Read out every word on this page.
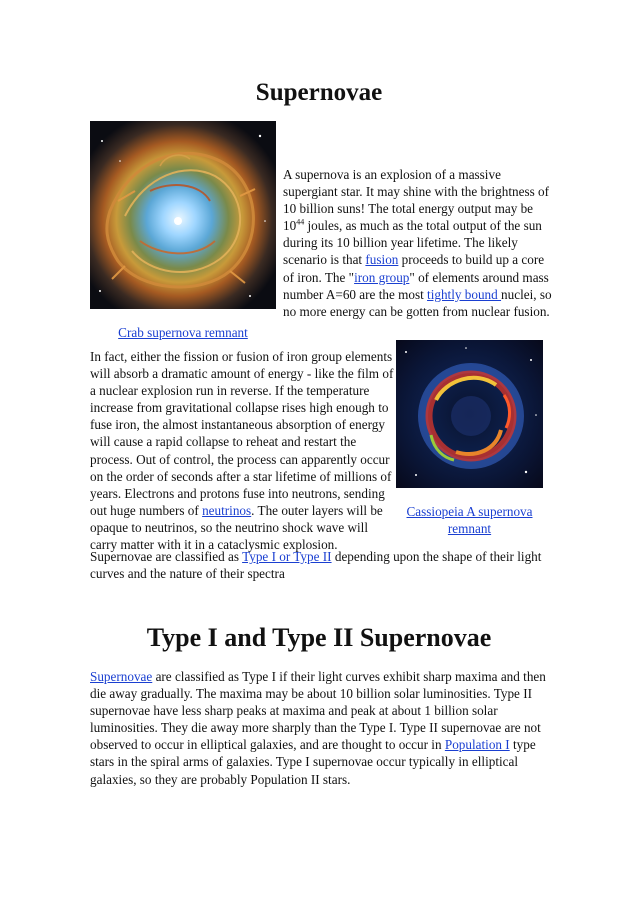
Supernovae

A supernova is an explosion of a massive supergiant star. It may shine with the brightness of 10 billion suns! The total energy output may be $10^{44}$ joules, as much as the total output of the sun during its 10 billion year lifetime. The likely scenario is that fusion proceeds to build up a core of iron. The "iron group" of elements around mass number A=60 are the most tightly bound nuclei, so no more energy can be gotten from nuclear fusion.

Crab supernova remnant

In fact, either the fission or fusion of iron group elements will absorb a dramatic amount of energy - like the film of a nuclear explosion run in reverse. If the temperature increase from gravitational collapse rises high enough to fuse iron, the almost instantaneous absorption of energy will cause a rapid collapse to reheat and restart the process. Out of control, the process can apparently occur on the order of seconds after a star lifetime of millions of years. Electrons and protons fuse into neutrons, sending out huge numbers of neutrinos. The outer layers will be opaque to neutrinos, so the neutrino shock wave will carry matter with it in a cataclysmic explosion.

Cassiopeia A supernova remnant

Supernovae are classified as Type I or Type II depending upon the shape of their light curves and the nature of their spectra

Type I and Type II Supernovae

Supernovae are classified as Type I if their light curves exhibit sharp maxima and then die away gradually. The maxima may be about 10 billion solar luminosities. Type II supernovae have less sharp peaks at maxima and peak at about 1 billion solar luminosities. They die away more sharply than the Type I. Type II supernovae are not observed to occur in elliptical galaxies, and are thought to occur in Population I type stars in the spiral arms of galaxies. Type I supernovae occur typically in elliptical galaxies, so they are probably Population II stars.
